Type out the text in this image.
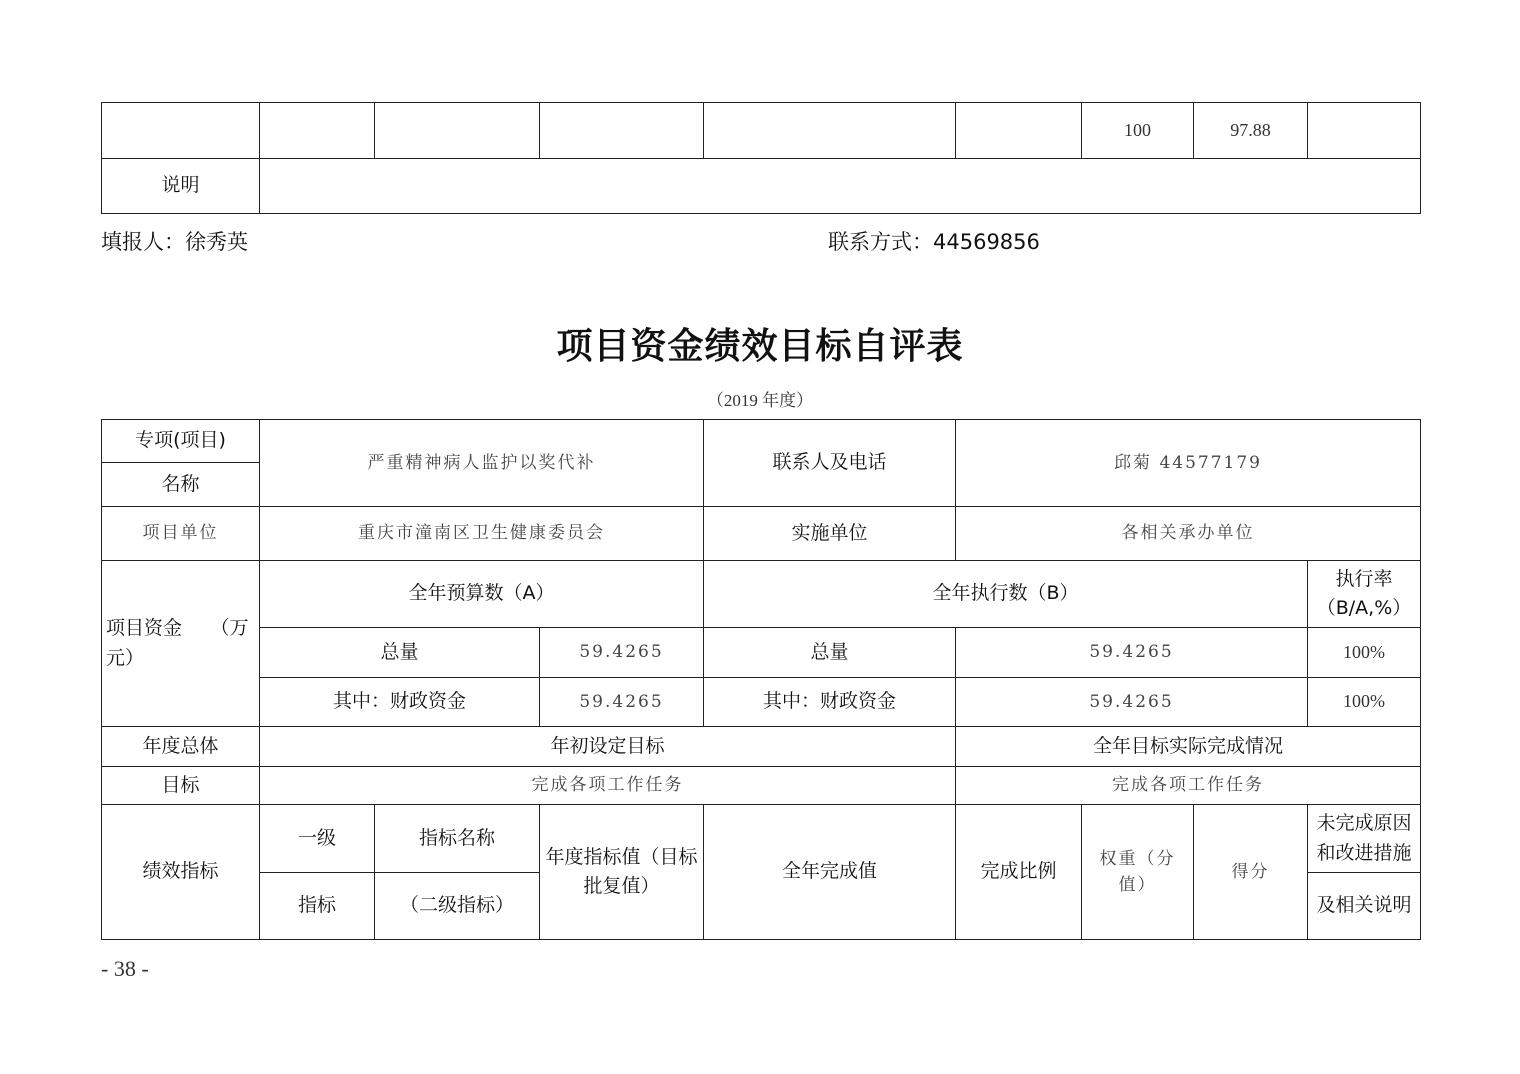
						100	97.88	
说明								
填报人：徐秀英	联系方式：44569856
项目资金绩效目标自评表
（2019 年度）
专项(项目)	严重精神病人监护以奖代补			联系人及电话	邱菊 44577179			
名称								
项目单位	重庆市潼南区卫生健康委员会			实施单位	各相关承办单位			
项目资金　　（万元）	全年预算数（A）			全年执行数（B）				执行率（B/A,%）
	总量		59.4265	总量	59.4265			100%
	其中：财政资金		59.4265	其中：财政资金	59.4265			100%
年度总体	年初设定目标				全年目标实际完成情况			
目标	完成各项工作任务				完成各项工作任务			
绩效指标	一级	指标名称	年度指标值（目标批复值）	全年完成值	完成比例	权重（分值）	得分	未完成原因和改进措施
	指标	（二级指标）						及相关说明
- 38 -
